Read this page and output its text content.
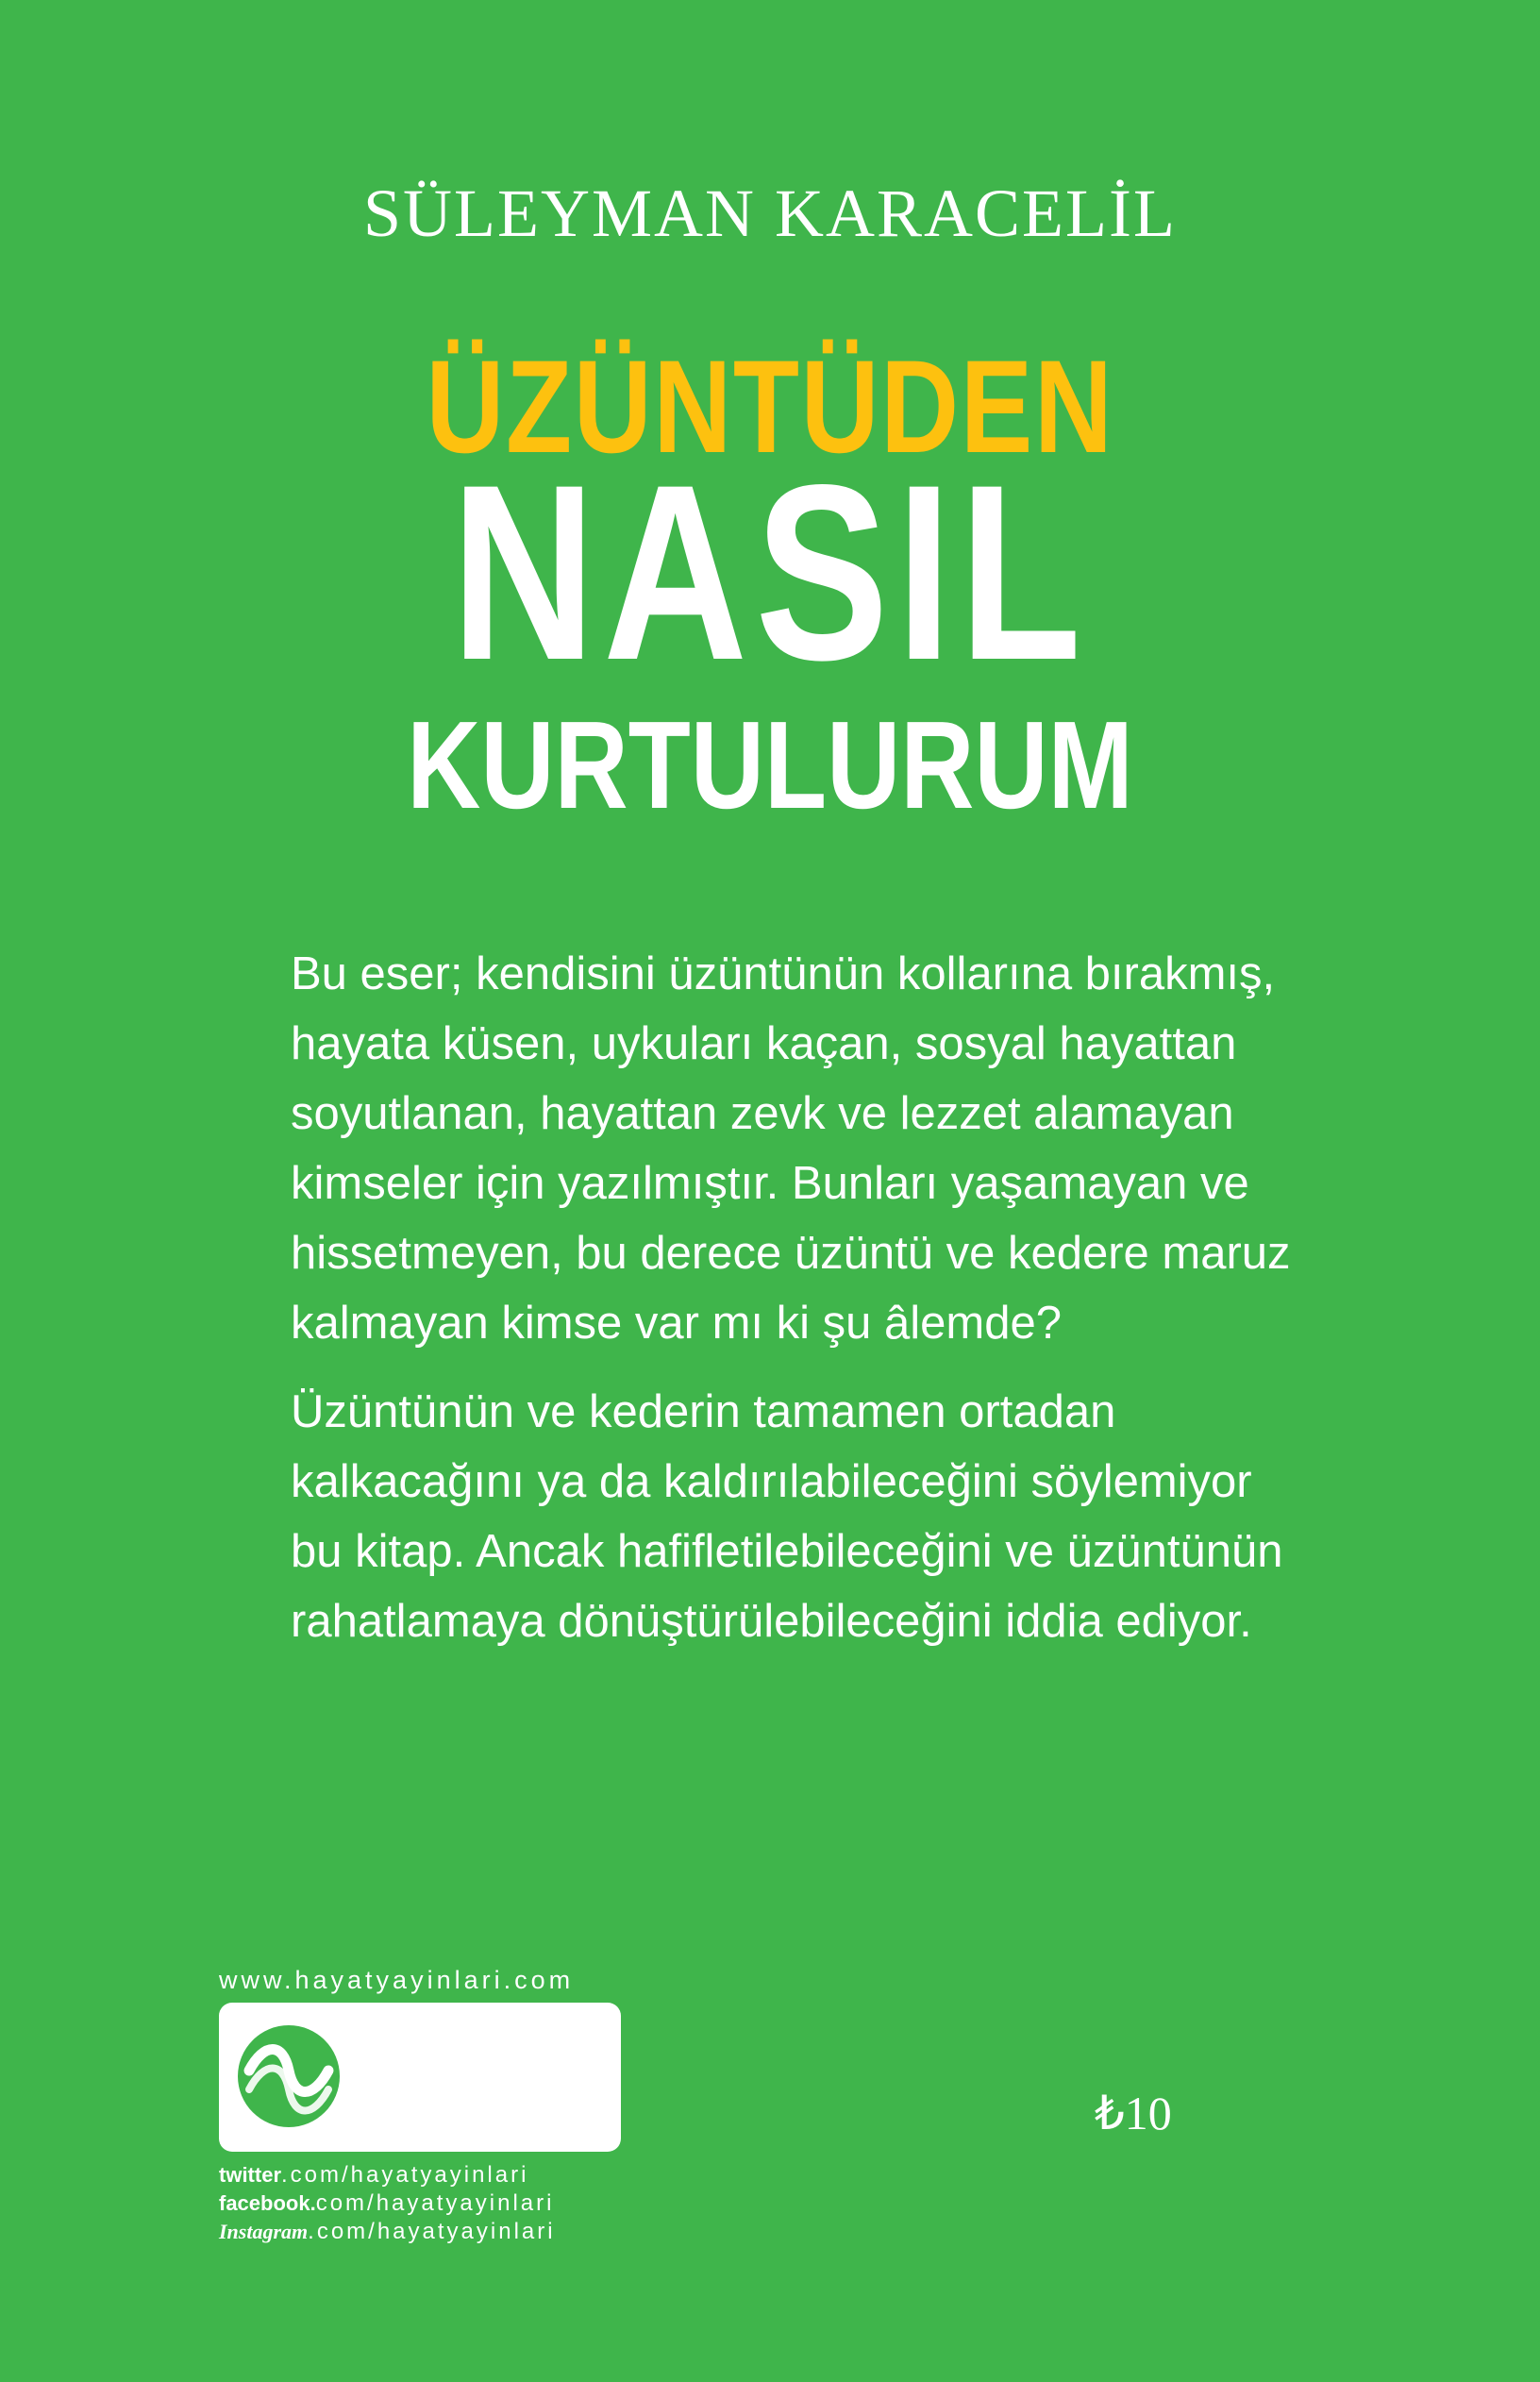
SÜLEYMAN KARACELİL
ÜZÜNTÜDEN
NASIL
KURTULURUM

Bu eser; kendisini üzüntünün kollarına bırakmış, hayata küsen, uykuları kaçan, sosyal hayattan soyutlanan, hayattan zevk ve lezzet alamayan kimseler için yazılmıştır. Bunları yaşamayan ve hissetmeyen, bu derece üzüntü ve kedere maruz kalmayan kimse var mı ki şu âlemde?

Üzüntünün ve kederin tamamen ortadan kalkacağını ya da kaldırılabileceğini söylemiyor bu kitap. Ancak hafifletilebileceğini ve üzüntünün rahatlamaya dönüştürülebileceğini iddia ediyor.

www.hayatyayinlari.com
twitter.com/hayatyayinlari
facebook.com/hayatyayinlari
Instagram.com/hayatyayinlari
₺10
